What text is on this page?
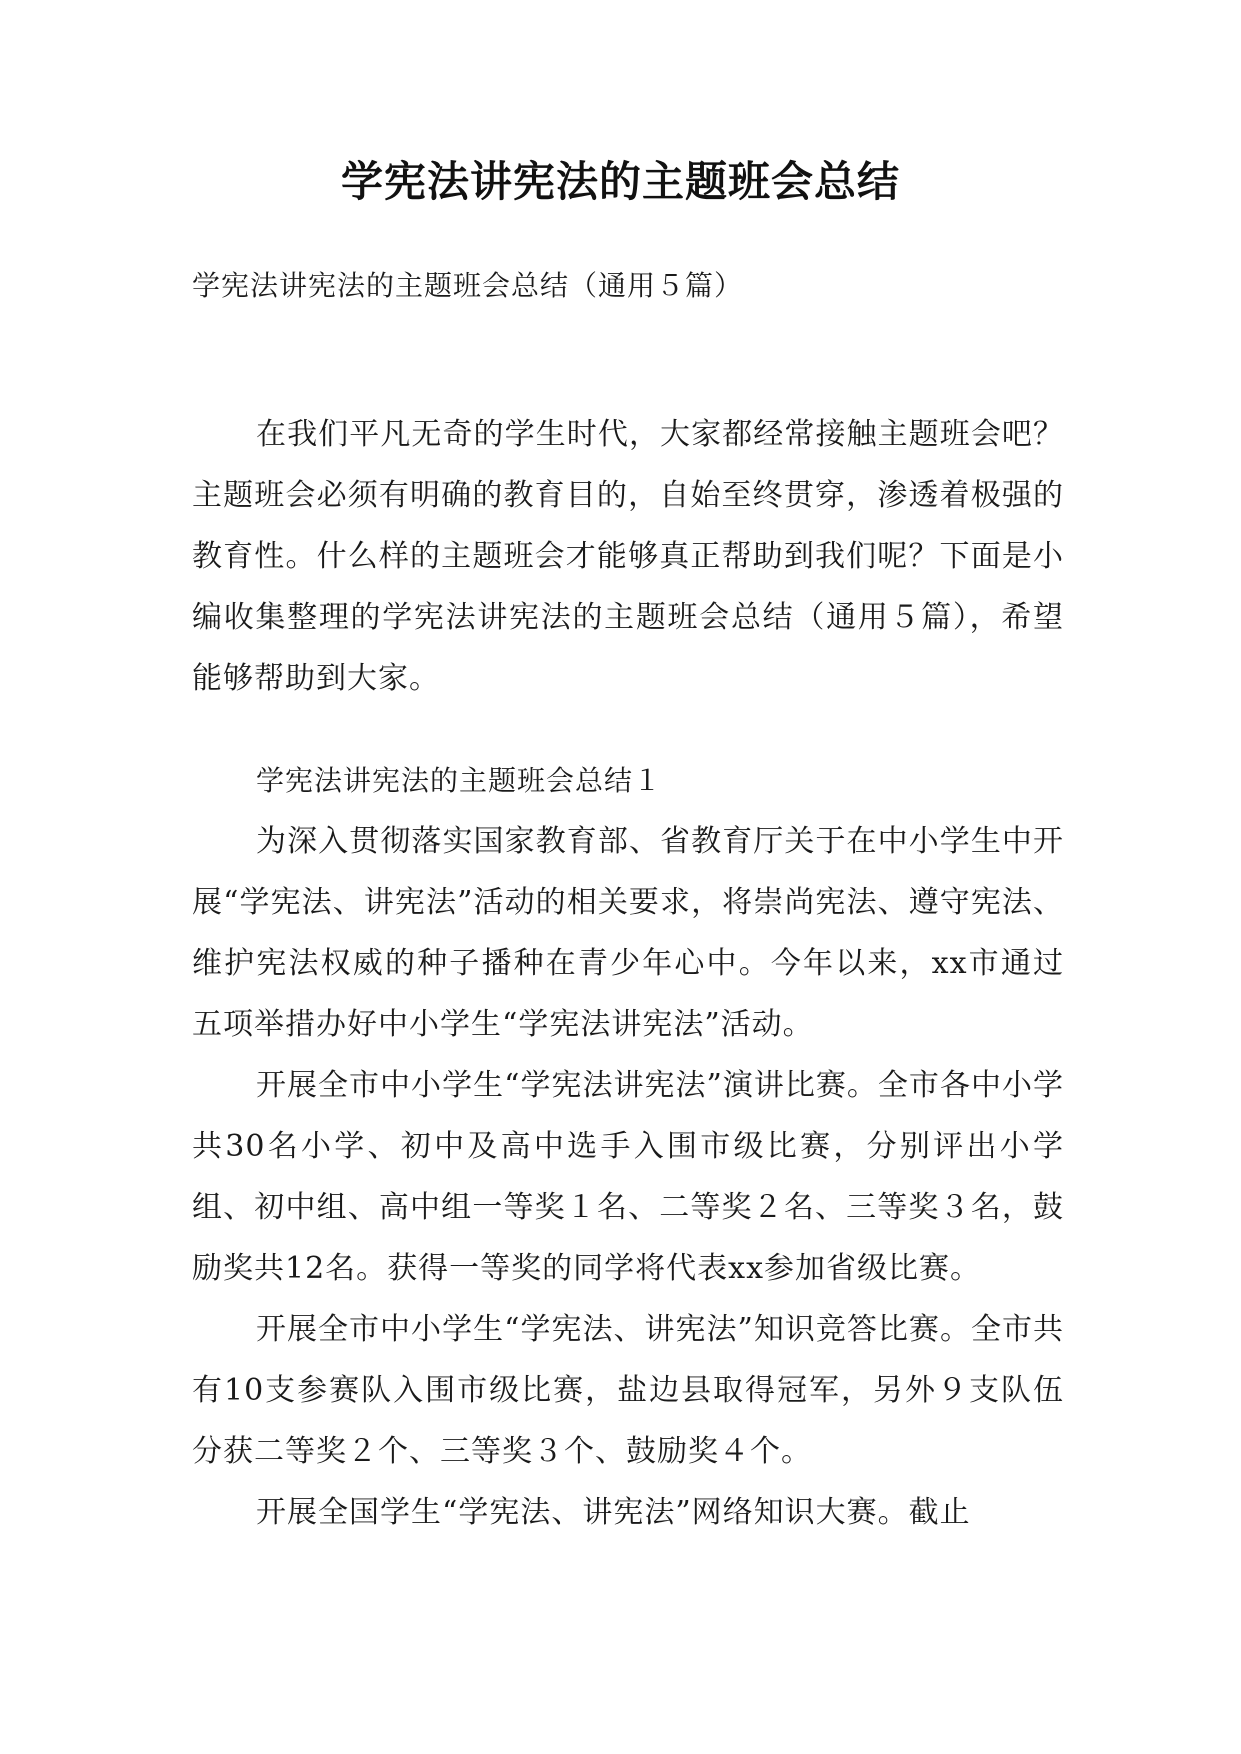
学宪法讲宪法的主题班会总结

学宪法讲宪法的主题班会总结（通用５篇）

在我们平凡无奇的学生时代，大家都经常接触主题班会吧？主题班会必须有明确的教育目的，自始至终贯穿，渗透着极强的教育性。什么样的主题班会才能够真正帮助到我们呢？下面是小编收集整理的学宪法讲宪法的主题班会总结（通用５篇），希望能够帮助到大家。

学宪法讲宪法的主题班会总结１

为深入贯彻落实国家教育部、省教育厅关于在中小学生中开展“学宪法、讲宪法”活动的相关要求，将崇尚宪法、遵守宪法、维护宪法权威的种子播种在青少年心中。今年以来，xx市通过五项举措办好中小学生“学宪法讲宪法”活动。

开展全市中小学生“学宪法讲宪法”演讲比赛。全市各中小学共30名小学、初中及高中选手入围市级比赛，分别评出小学组、初中组、高中组一等奖１名、二等奖２名、三等奖３名，鼓励奖共12名。获得一等奖的同学将代表xx参加省级比赛。

开展全市中小学生“学宪法、讲宪法”知识竞答比赛。全市共有10支参赛队入围市级比赛，盐边县取得冠军，另外９支队伍分获二等奖２个、三等奖３个、鼓励奖４个。

开展全国学生“学宪法、讲宪法”网络知识大赛。截止
